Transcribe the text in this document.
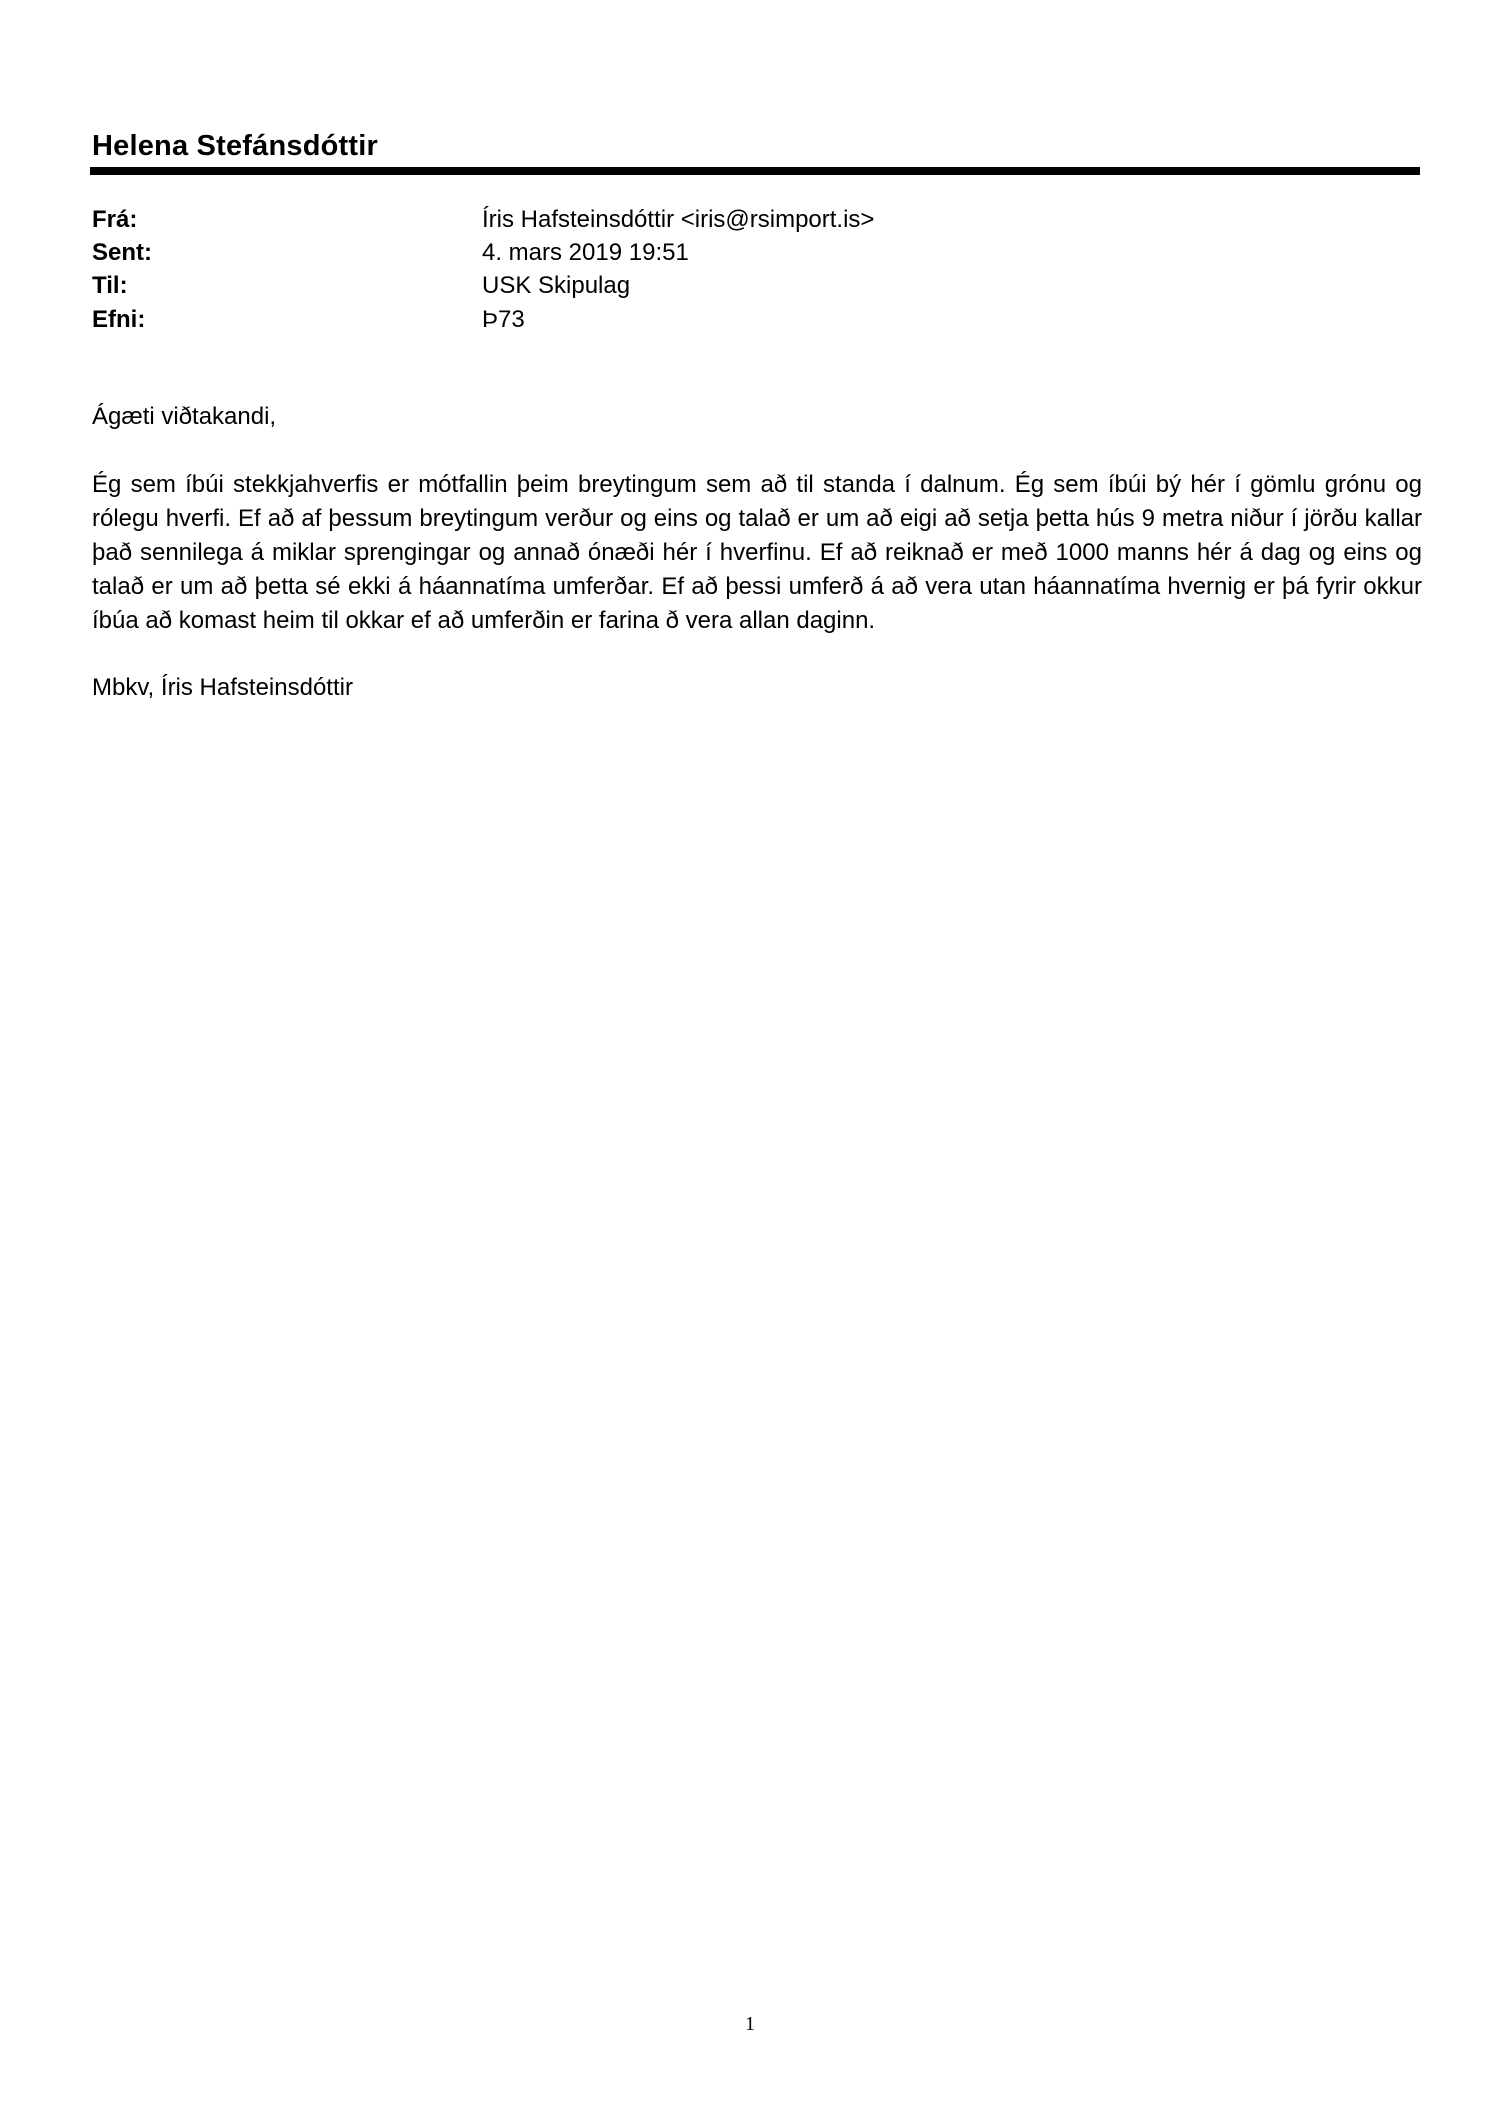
Helena Stefánsdóttir
Frá:	Íris Hafsteinsdóttir <iris@rsimport.is>
Sent:	4. mars 2019 19:51
Til:	USK Skipulag
Efni:	Þ73
Ágæti viðtakandi,
Ég sem íbúi stekkjahverfis er mótfallin þeim breytingum sem að til standa í dalnum. Ég sem íbúi bý hér í gömlu grónu og rólegu hverfi. Ef að af þessum breytingum verður og eins og talað er um að eigi að setja þetta hús 9 metra niður í jörðu kallar það sennilega á miklar sprengingar og annað ónæði hér í hverfinu. Ef að reiknað er með 1000 manns hér á dag og eins og talað er um að þetta sé ekki á háannatíma umferðar. Ef að þessi umferð á að vera utan háannatíma hvernig er þá fyrir okkur íbúa að komast heim til okkar ef að umferðin er farina ð vera allan daginn.
Mbkv, Íris Hafsteinsdóttir
1
